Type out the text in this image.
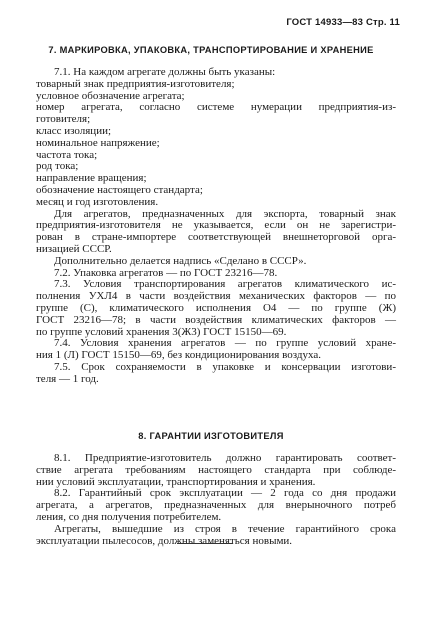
ГОСТ 14933—83 Стр. 11
7. МАРКИРОВКА, УПАКОВКА, ТРАНСПОРТИРОВАНИЕ И ХРАНЕНИЕ

7.1. На каждом агрегате должны быть указаны:

товарный знак предприятия-изготовителя;

условное обозначение агрегата;

номер агрегата, согласно системе нумерации предприятия-из-

готовителя;

класс изоляции;

номинальное напряжение;

частота тока;

род тока;

направление вращения;

обозначение настоящего стандарта;

месяц и год изготовления.

Для агрегатов, предназначенных для экспорта, товарный знак

предприятия-изготовителя не указывается, если он не зарегистри-

рован в стране-импортере соответствующей внешнеторговой орга-

низацией СССР.

Дополнительно делается надпись «Сделано в СССР».

7.2. Упаковка агрегатов — по ГОСТ 23216—78.

7.3. Условия транспортирования агрегатов климатического ис-

полнения УХЛ4 в части воздействия механических факторов — по

группе (С), климатического исполнения О4 — по группе (Ж)

ГОСТ 23216—78; в части воздействия климатических факторов —

по группе условий хранения 3(Ж3) ГОСТ 15150—69.

7.4. Условия хранения агрегатов — по группе условий хране-

ния 1 (Л) ГОСТ 15150—69, без кондиционирования воздуха.

7.5. Срок сохраняемости в упаковке и консервации изготови-

теля — 1 год.

8. ГАРАНТИИ ИЗГОТОВИТЕЛЯ

8.1. Предприятие-изготовитель должно гарантировать соответ-

ствие агрегата требованиям настоящего стандарта при соблюде-

нии условий эксплуатации, транспортирования и хранения.

8.2. Гарантийный срок эксплуатации — 2 года со дня продажи

агрегата, а агрегатов, предназначенных для внерыночного потреб

ления, со дня получения потребителем.

Агрегаты, вышедшие из строя в течение гарантийного срока

эксплуатации пылесосов, должны заменяться новыми.
